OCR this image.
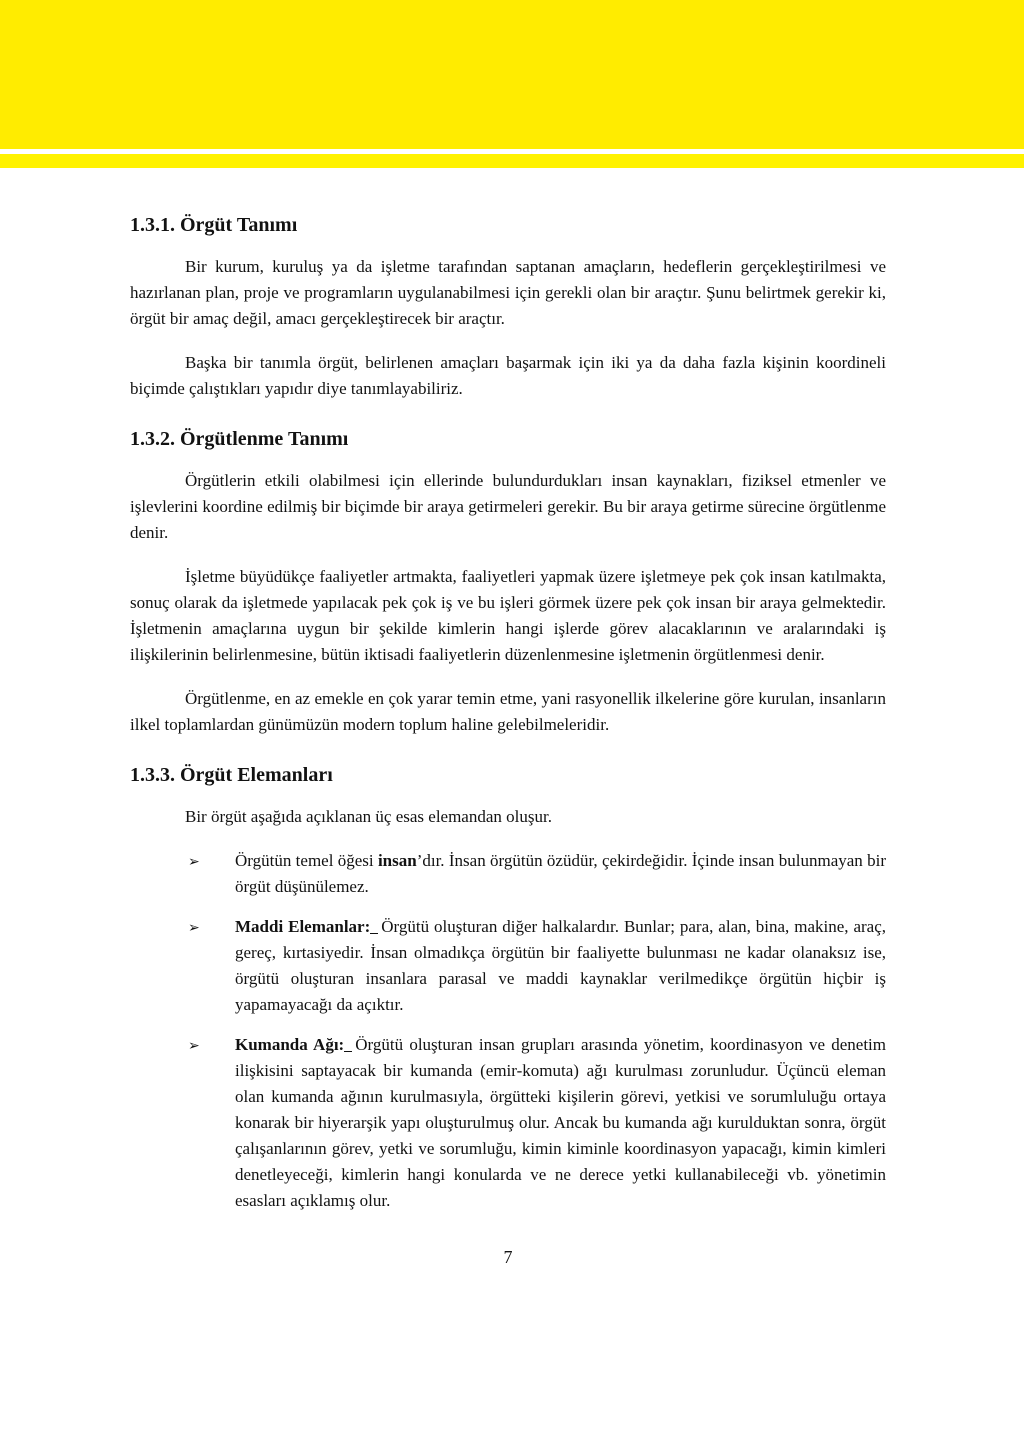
1.3.1. Örgüt Tanımı

Bir kurum, kuruluş ya da işletme tarafından saptanan amaçların, hedeflerin gerçekleştirilmesi ve hazırlanan plan, proje ve programların uygulanabilmesi için gerekli olan bir araçtır. Şunu belirtmek gerekir ki, örgüt bir amaç değil, amacı gerçekleştirecek bir araçtır.

Başka bir tanımla örgüt, belirlenen amaçları başarmak için iki ya da daha fazla kişinin koordineli biçimde çalıştıkları yapıdır diye tanımlayabiliriz.

1.3.2. Örgütlenme Tanımı

Örgütlerin etkili olabilmesi için ellerinde bulundurdukları insan kaynakları, fiziksel etmenler ve işlevlerini koordine edilmiş bir biçimde bir araya getirmeleri gerekir. Bu bir araya getirme sürecine örgütlenme denir.

İşletme büyüdükçe faaliyetler artmakta, faaliyetleri yapmak üzere işletmeye pek çok insan katılmakta, sonuç olarak da işletmede yapılacak pek çok iş ve bu işleri görmek üzere pek çok insan bir araya gelmektedir. İşletmenin amaçlarına uygun bir şekilde kimlerin hangi işlerde görev alacaklarının ve aralarındaki iş ilişkilerinin belirlenmesine, bütün iktisadi faaliyetlerin düzenlenmesine işletmenin örgütlenmesi denir.

Örgütlenme, en az emekle en çok yarar temin etme, yani rasyonellik ilkelerine göre kurulan, insanların ilkel toplamlardan günümüzün modern toplum haline gelebilmeleridir.

1.3.3. Örgüt Elemanları

Bir örgüt aşağıda açıklanan üç esas elemandan oluşur.

➢ Örgütün temel öğesi insan’dır. İnsan örgütün özüdür, çekirdeğidir. İçinde insan bulunmayan bir örgüt düşünülemez.
➢ Maddi Elemanlar: Örgütü oluşturan diğer halkalardır. Bunlar; para, alan, bina, makine, araç, gereç, kırtasiyedir. İnsan olmadıkça örgütün bir faaliyette bulunması ne kadar olanaksız ise, örgütü oluşturan insanlara parasal ve maddi kaynaklar verilmedikçe örgütün hiçbir iş yapamayacağı da açıktır.
➢ Kumanda Ağı: Örgütü oluşturan insan grupları arasında yönetim, koordinasyon ve denetim ilişkisini saptayacak bir kumanda (emir-komuta) ağı kurulması zorunludur. Üçüncü eleman olan kumanda ağının kurulmasıyla, örgütteki kişilerin görevi, yetkisi ve sorumluluğu ortaya konarak bir hiyerarşik yapı oluşturulmuş olur. Ancak bu kumanda ağı kurulduktan sonra, örgüt çalışanlarının görev, yetki ve sorumluğu, kimin kiminle koordinasyon yapacağı, kimin kimleri denetleyeceği, kimlerin hangi konularda ve ne derece yetki kullanabileceği vb. yönetimin esasları açıklamış olur.
7
